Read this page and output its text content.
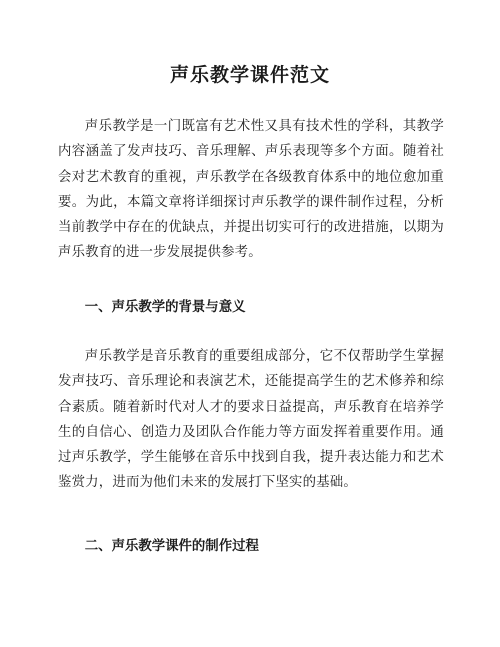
声乐教学课件范文

声乐教学是一门既富有艺术性又具有技术性的学科，其教学内容涵盖了发声技巧、音乐理解、声乐表现等多个方面。随着社会对艺术教育的重视，声乐教学在各级教育体系中的地位愈加重要。为此，本篇文章将详细探讨声乐教学的课件制作过程，分析当前教学中存在的优缺点，并提出切实可行的改进措施，以期为声乐教育的进一步发展提供参考。

一、声乐教学的背景与意义

声乐教学是音乐教育的重要组成部分，它不仅帮助学生掌握发声技巧、音乐理论和表演艺术，还能提高学生的艺术修养和综合素质。随着新时代对人才的要求日益提高，声乐教育在培养学生的自信心、创造力及团队合作能力等方面发挥着重要作用。通过声乐教学，学生能够在音乐中找到自我，提升表达能力和艺术鉴赏力，进而为他们未来的发展打下坚实的基础。

二、声乐教学课件的制作过程
